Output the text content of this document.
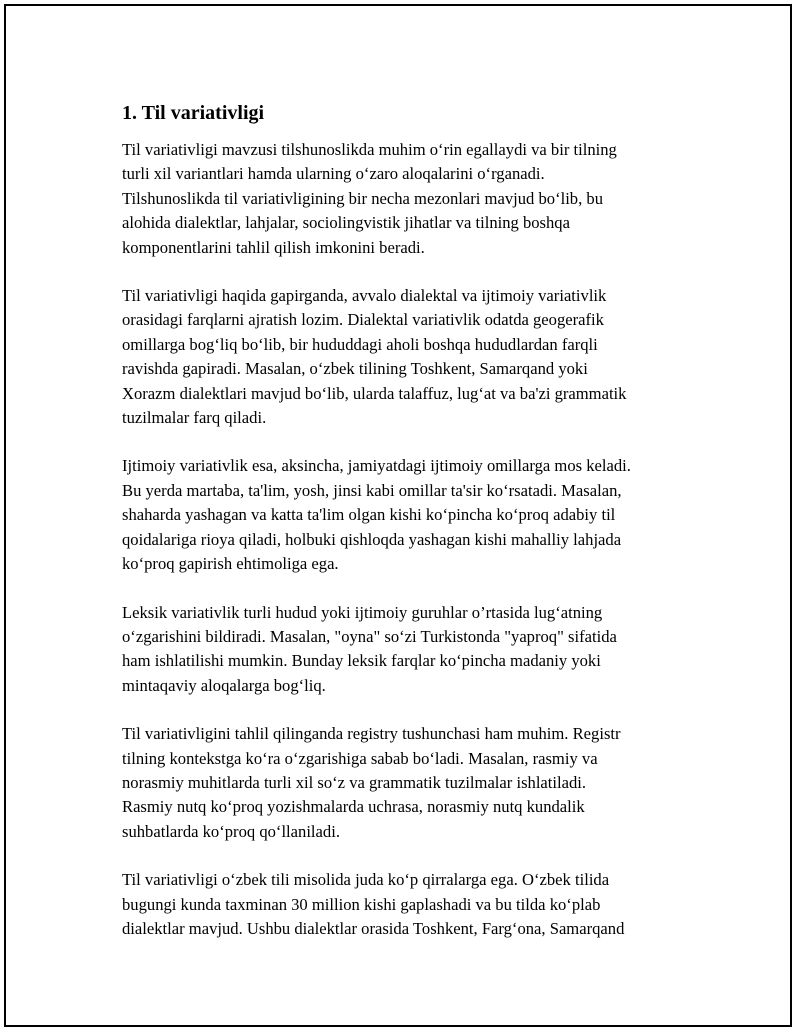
1. Til variativligi

Til variativligi mavzusi tilshunoslikda muhim o‘rin egallaydi va bir tilning
turli xil variantlari hamda ularning o‘zaro aloqalarini o‘rganadi.
Tilshunoslikda til variativligining bir necha mezonlari mavjud bo‘lib, bu
alohida dialektlar, lahjalar, sociolingvistik jihatlar va tilning boshqa
komponentlarini tahlil qilish imkonini beradi.

Til variativligi haqida gapirganda, avvalo dialektal va ijtimoiy variativlik
orasidagi farqlarni ajratish lozim. Dialektal variativlik odatda geogerafik
omillarga bog‘liq bo‘lib, bir hududdagi aholi boshqa hududlardan farqli
ravishda gapiradi. Masalan, o‘zbek tilining Toshkent, Samarqand yoki
Xorazm dialektlari mavjud bo‘lib, ularda talaffuz, lug‘at va ba'zi grammatik
tuzilmalar farq qiladi.

Ijtimoiy variativlik esa, aksincha, jamiyatdagi ijtimoiy omillarga mos keladi.
Bu yerda martaba, ta'lim, yosh, jinsi kabi omillar ta'sir ko‘rsatadi. Masalan,
shaharda yashagan va katta ta'lim olgan kishi ko‘pincha ko‘proq adabiy til
qoidalariga rioya qiladi, holbuki qishloqda yashagan kishi mahalliy lahjada
ko‘proq gapirish ehtimoliga ega.

Leksik variativlik turli hudud yoki ijtimoiy guruhlar o’rtasida lug‘atning
o‘zgarishini bildiradi. Masalan, "oyna" so‘zi Turkistonda "yaproq" sifatida
ham ishlatilishi mumkin. Bunday leksik farqlar ko‘pincha madaniy yoki
mintaqaviy aloqalarga bog‘liq.

Til variativligini tahlil qilinganda registry tushunchasi ham muhim. Registr
tilning kontekstga ko‘ra o‘zgarishiga sabab bo‘ladi. Masalan, rasmiy va
norasmiy muhitlarda turli xil so‘z va grammatik tuzilmalar ishlatiladi.
Rasmiy nutq ko‘proq yozishmalarda uchrasa, norasmiy nutq kundalik
suhbatlarda ko‘proq qo‘llaniladi.

Til variativligi o‘zbek tili misolida juda ko‘p qirralarga ega. O‘zbek tilida
bugungi kunda taxminan 30 million kishi gaplashadi va bu tilda ko‘plab
dialektlar mavjud. Ushbu dialektlar orasida Toshkent, Farg‘ona, Samarqand
